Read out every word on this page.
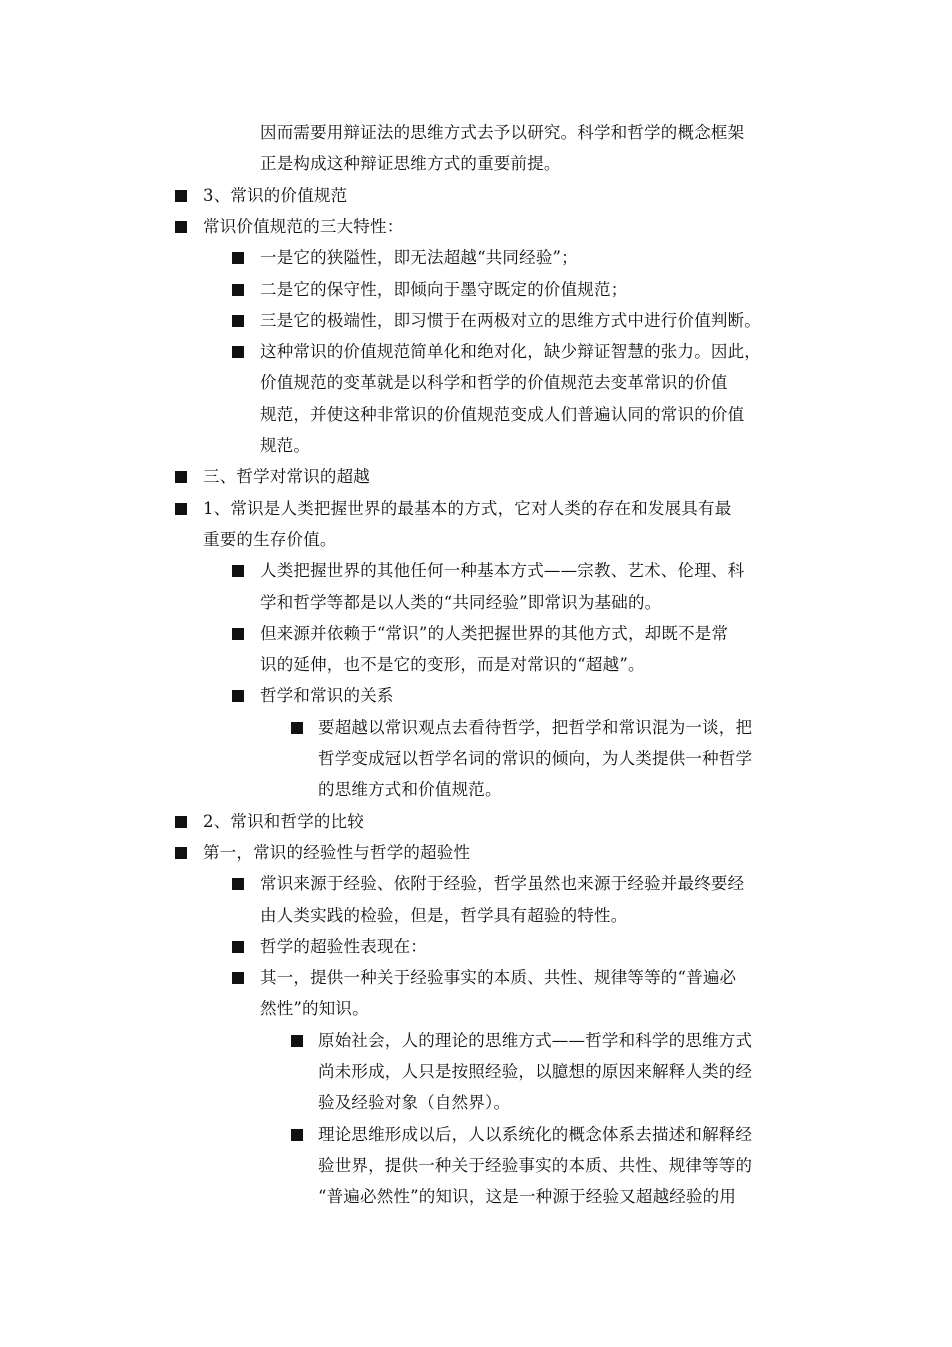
因而需要用辩证法的思维方式去予以研究。科学和哲学的概念框架
正是构成这种辩证思维方式的重要前提。
3、常识的价值规范
常识价值规范的三大特性：
一是它的狭隘性，即无法超越“共同经验”；
二是它的保守性，即倾向于墨守既定的价值规范；
三是它的极端性，即习惯于在两极对立的思维方式中进行价值判断。
这种常识的价值规范简单化和绝对化，缺少辩证智慧的张力。因此，
价值规范的变革就是以科学和哲学的价值规范去变革常识的价值
规范，并使这种非常识的价值规范变成人们普遍认同的常识的价值
规范。
三、哲学对常识的超越
1、常识是人类把握世界的最基本的方式，它对人类的存在和发展具有最
重要的生存价值。
人类把握世界的其他任何一种基本方式——宗教、艺术、伦理、科
学和哲学等都是以人类的“共同经验”即常识为基础的。
但来源并依赖于“常识”的人类把握世界的其他方式，却既不是常
识的延伸，也不是它的变形，而是对常识的“超越”。
哲学和常识的关系
要超越以常识观点去看待哲学，把哲学和常识混为一谈，把
哲学变成冠以哲学名词的常识的倾向，为人类提供一种哲学
的思维方式和价值规范。
2、常识和哲学的比较
第一，常识的经验性与哲学的超验性
常识来源于经验、依附于经验，哲学虽然也来源于经验并最终要经
由人类实践的检验，但是，哲学具有超验的特性。
哲学的超验性表现在：
其一，提供一种关于经验事实的本质、共性、规律等等的“普遍必
然性”的知识。
原始社会，人的理论的思维方式——哲学和科学的思维方式
尚未形成，人只是按照经验，以臆想的原因来解释人类的经
验及经验对象（自然界）。
理论思维形成以后，人以系统化的概念体系去描述和解释经
验世界，提供一种关于经验事实的本质、共性、规律等等的
“普遍必然性”的知识，这是一种源于经验又超越经验的用
